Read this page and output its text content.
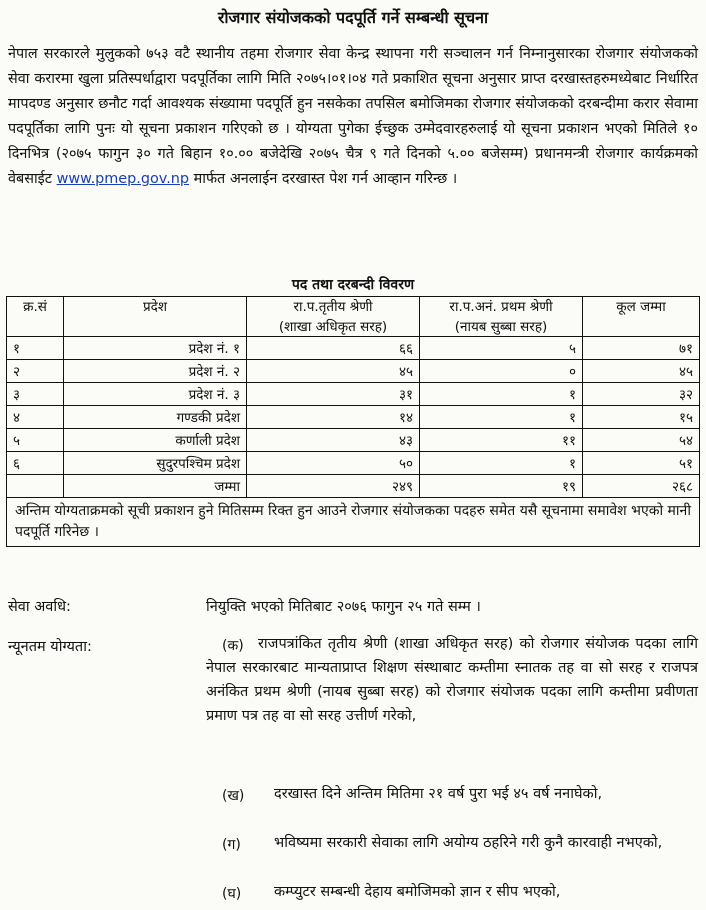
रोजगार संयोजकको पदपूर्ति गर्ने सम्बन्धी सूचना
नेपाल सरकारले मुलुकको ७५३ वटै स्थानीय तहमा रोजगार सेवा केन्द्र स्थापना गरी सञ्चालन गर्न निम्नानुसारका रोजगार संयोजकको सेवा करारमा खुला प्रतिस्पर्धाद्वारा पदपूर्तिका लागि मिति २०७५।०१।०४ गते प्रकाशित सूचना अनुसार प्राप्त दरखास्तहरुमध्येबाट निर्धारित मापदण्ड अनुसार छनौट गर्दा आवश्यक संख्यामा पदपूर्ति हुन नसकेका तपसिल बमोजिमका रोजगार संयोजकको दरबन्दीमा करार सेवामा पदपूर्तिका लागि पुनः यो सूचना प्रकाशन गरिएको छ । योग्यता पुगेका ईच्छुक उम्मेदवारहरुलाई यो सूचना प्रकाशन भएको मितिले १० दिनभित्र (२०७५ फागुन ३० गते बिहान १०.०० बजेदेखि २०७५ चैत्र ९ गते दिनको ५.०० बजेसम्म) प्रधानमन्त्री रोजगार कार्यक्रमको वेबसाईट www.pmep.gov.np मार्फत अनलाईन दरखास्त पेश गर्न आव्हान गरिन्छ ।
पद तथा दरबन्दी विवरण
क्र.सं	प्रदेश	रा.प.तृतीय श्रेणी	रा.प.अनं. प्रथम श्रेणी	कूल जम्मा
		(शाखा अधिकृत सरह)	(नायब सुब्बा सरह)	
१	प्रदेश नं. १	६६	५	७१
२	प्रदेश नं. २	४५	०	४५
३	प्रदेश नं. ३	३१	१	३२
४	गण्डकी प्रदेश	१४	१	१५
५	कर्णाली प्रदेश	४३	११	५४
६	सुदुरपश्चिम प्रदेश	५०	१	५१
	जम्मा	२४९	१९	२६८
अन्तिम योग्यताक्रमको सूची प्रकाशन हुने मितिसम्म रिक्त हुन आउने रोजगार संयोजकका पदहरु समेत यसै सूचनामा समावेश भएको मानी पदपूर्ति गरिनेछ ।				
सेवा अवधि:	नियुक्ति भएको मितिबाट २०७६ फागुन २५ गते सम्म ।
न्यूनतम योग्यता:	(क) राजपत्रांकित तृतीय श्रेणी (शाखा अधिकृत सरह) को रोजगार संयोजक पदका लागि नेपाल सरकारबाट मान्यताप्राप्त शिक्षण संस्थाबाट कम्तीमा स्नातक तह वा सो सरह र राजपत्र अनंकित प्रथम श्रेणी (नायब सुब्बा सरह) को रोजगार संयोजक पदका लागि कम्तीमा प्रवीणता प्रमाण पत्र तह वा सो सरह उत्तीर्ण गरेको,
(ख) दरखास्त दिने अन्तिम मितिमा २१ वर्ष पुरा भई ४५ वर्ष ननाघेको,
(ग) भविष्यमा सरकारी सेवाका लागि अयोग्य ठहरिने गरी कुनै कारवाही नभएको,
(घ) कम्प्युटर सम्बन्धी देहाय बमोजिमको ज्ञान र सीप भएको,
